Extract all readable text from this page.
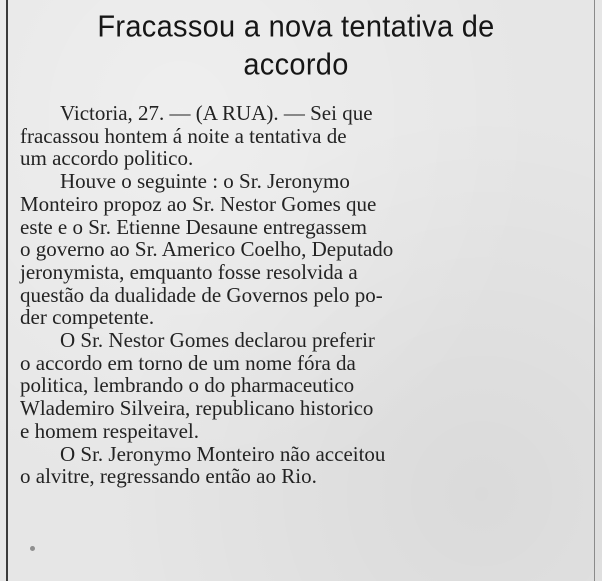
Fracassou a nova tentativa de
accordo

Victoria, 27. — (A RUA). — Sei que
fracassou hontem á noite a tentativa de
um accordo politico.

Houve o seguinte : o Sr. Jeronymo
Monteiro propoz ao Sr. Nestor Gomes que
este e o Sr. Etienne Desaune entregassem
o governo ao Sr. Americo Coelho, Deputado
jeronymista, emquanto fosse resolvida a
questão da dualidade de Governos pelo po-
der competente.

O Sr. Nestor Gomes declarou preferir
o accordo em torno de um nome fóra da
politica, lembrando o do pharmaceutico
Wlademiro Silveira, republicano historico
e homem respeitavel.

O Sr. Jeronymo Monteiro não acceitou
o alvitre, regressando então ao Rio.
